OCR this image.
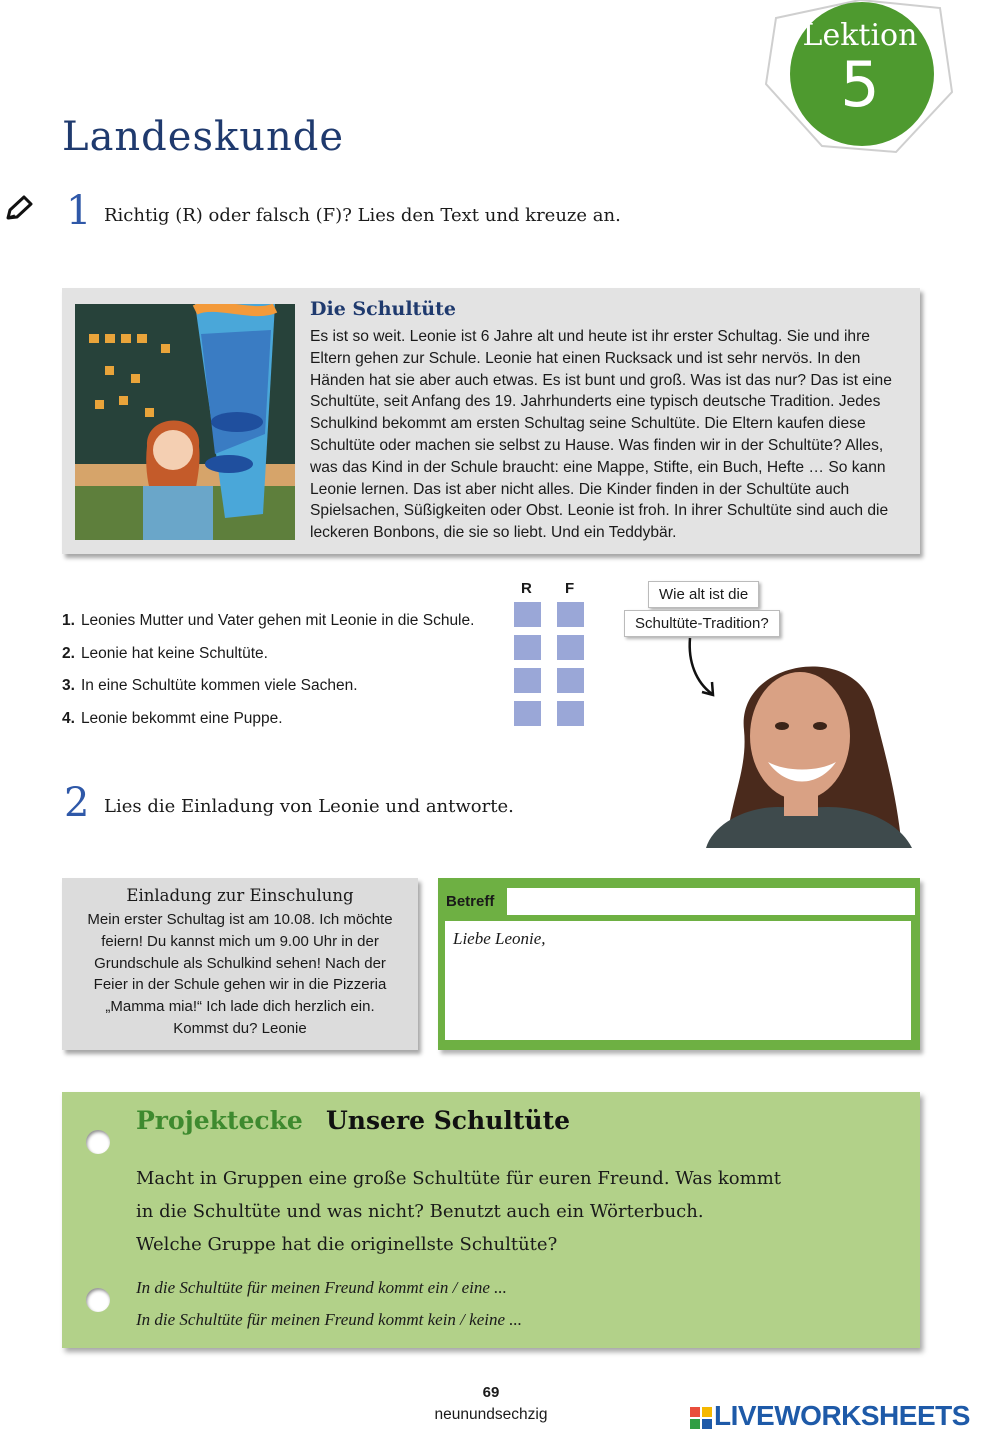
Lektion
5
Landeskunde
1 Richtig (R) oder falsch (F)? Lies den Text und kreuze an.
Die Schultüte
Es ist so weit. Leonie ist 6 Jahre alt und heute ist ihr erster Schultag. Sie und ihre Eltern gehen zur Schule. Leonie hat einen Rucksack und ist sehr nervös. In den Händen hat sie aber auch etwas. Es ist bunt und groß. Was ist das nur? Das ist eine Schultüte, seit Anfang des 19. Jahrhunderts eine typisch deutsche Tradition. Jedes Schulkind bekommt am ersten Schultag seine Schultüte. Die Eltern kaufen diese Schultüte oder machen sie selbst zu Hause. Was finden wir in der Schultüte? Alles, was das Kind in der Schule braucht: eine Mappe, Stifte, ein Buch, Hefte … So kann Leonie lernen. Das ist aber nicht alles. Die Kinder finden in der Schultüte auch Spielsachen, Süßigkeiten oder Obst. Leonie ist froh. In ihrer Schultüte sind auch die leckeren Bonbons, die sie so liebt. Und ein Teddybär.
R F
1. Leonies Mutter und Vater gehen mit Leonie in die Schule.
2. Leonie hat keine Schultüte.
3. In eine Schultüte kommen viele Sachen.
4. Leonie bekommt eine Puppe.
Wie alt ist die
Schultüte-Tradition?
2 Lies die Einladung von Leonie und antworte.
Einladung zur Einschulung
Mein erster Schultag ist am 10.08. Ich möchte
feiern! Du kannst mich um 9.00 Uhr in der
Grundschule als Schulkind sehen! Nach der
Feier in der Schule gehen wir in die Pizzeria
„Mamma mia!“ Ich lade dich herzlich ein.
Kommst du? Leonie
Betreff
Liebe Leonie,
Projektecke Unsere Schultüte
Macht in Gruppen eine große Schultüte für euren Freund. Was kommt
in die Schultüte und was nicht? Benutzt auch ein Wörterbuch.
Welche Gruppe hat die originellste Schultüte?
In die Schultüte für meinen Freund kommt ein / eine ...
In die Schultüte für meinen Freund kommt kein / keine ...
69
neunundsechzig	LIVEWORKSHEETS
